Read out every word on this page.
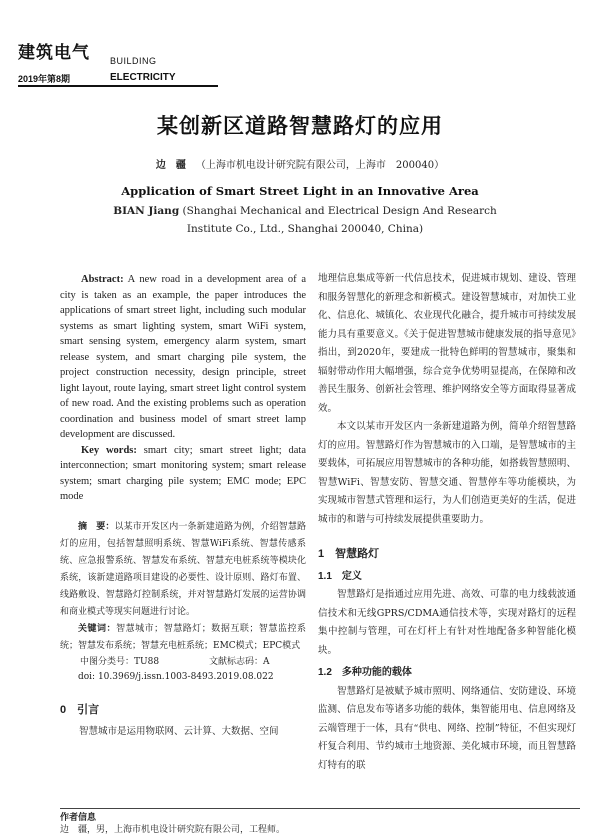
建筑电气 BUILDING
2019年第8期	ELECTRICITY
某创新区道路智慧路灯的应用
边　疆 （上海市机电设计研究院有限公司，上海市　200040）
Application of Smart Street Light in an Innovative Area
BIAN Jiang (Shanghai Mechanical and Electrical Design And Research Institute Co., Ltd., Shanghai 200040, China)

Abstract: A new road in a development area of a city is taken as an example, the paper introduces the applications of smart street light, including such modular systems as smart lighting system, smart WiFi system, smart sensing system, emergency alarm system, smart release system, and smart charging pile system, the project construction necessity, design principle, street light layout, route laying, smart street light control system of new road. And the existing problems such as operation coordination and business model of smart street lamp development are discussed.

Key words: smart city; smart street light; data interconnection; smart monitoring system; smart release system; smart charging pile system; EMC mode; EPC mode

摘　要：以某市开发区内一条新建道路为例，介绍智慧路灯的应用，包括智慧照明系统、智慧WiFi系统、智慧传感系统、应急报警系统、智慧发布系统、智慧充电桩系统等模块化系统，该新建道路项目建设的必要性、设计原则、路灯布置、线路敷设、智慧路灯控制系统，并对智慧路灯发展的运营协调和商业模式等现实问题进行讨论。

关键词：智慧城市；智慧路灯；数据互联；智慧监控系统；智慧发布系统；智慧充电桩系统；EMC模式；EPC模式

中图分类号：TU88	文献标志码：A
doi: 10.3969/j.issn.1003-8493.2019.08.022

0　引言

智慧城市是运用物联网、云计算、大数据、空间

地理信息集成等新一代信息技术，促进城市规划、建设、管理和服务智慧化的新理念和新模式。建设智慧城市，对加快工业化、信息化、城镇化、农业现代化融合，提升城市可持续发展能力具有重要意义。《关于促进智慧城市健康发展的指导意见》指出，到2020年，要建成一批特色鲜明的智慧城市，聚集和辐射带动作用大幅增强，综合竞争优势明显提高，在保障和改善民生服务、创新社会管理、维护网络安全等方面取得显著成效。

本文以某市开发区内一条新建道路为例，简单介绍智慧路灯的应用。智慧路灯作为智慧城市的入口端，是智慧城市的主要载体，可拓展应用智慧城市的各种功能，如搭载智慧照明、智慧WiFi、智慧安防、智慧交通、智慧停车等功能模块，为实现城市智慧式管理和运行，为人们创造更美好的生活，促进城市的和谐与可持续发展提供重要助力。

1　智慧路灯

1.1　定义

智慧路灯是指通过应用先进、高效、可靠的电力线载波通信技术和无线GPRS/CDMA通信技术等，实现对路灯的远程集中控制与管理，可在灯杆上有针对性地配备多种智能化模块。

1.2　多种功能的载体

智慧路灯是被赋予城市照明、网络通信、安防建设、环境监测、信息发布等诸多功能的载体，集智能用电、信息网络及云端管理于一体，具有“供电、网络、控制”特征，不但实现灯杆复合利用、节约城市土地资源、美化城市环境，而且智慧路灯特有的联

作者信息
边　疆，男，上海市机电设计研究院有限公司，工程师。
